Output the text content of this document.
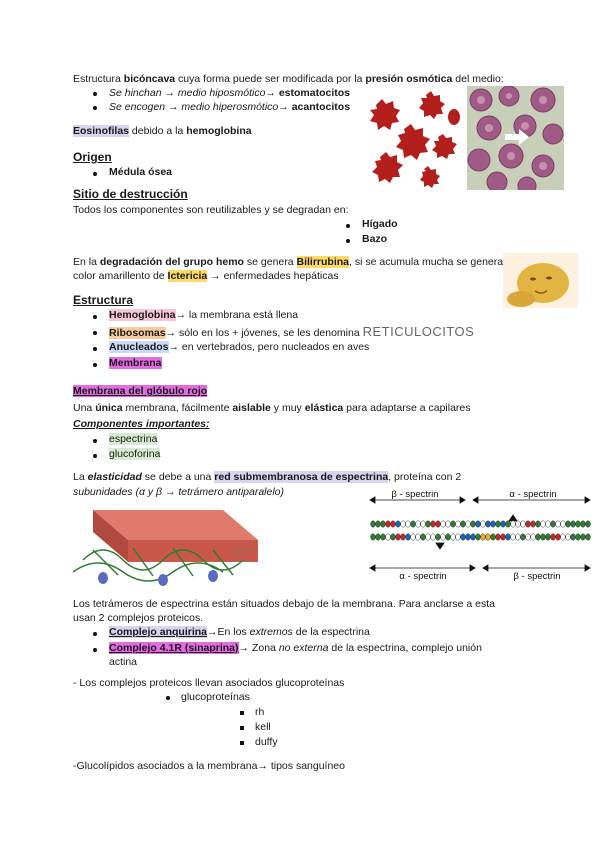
Estructura bicóncava cuya forma puede ser modificada por la presión osmótica del medio:
Se hinchan → medio hiposmótico→ estomatocitos
Se encogen → medio hiperosmótico→ acantocitos
Eosinofilas debido a la hemoglobina
Origen
Médula ósea
Sitio de destrucción
Todos los componentes son reutilizables y se degradan en:
Hígado
Bazo
En la degradación del grupo hemo se genera Bilirrubina, si se acumula mucha se genera
color amarillento de Ictericia → enfermedades hepáticas
Estructura
Hemoglobina→ la membrana está llena
Ribosomas→ sólo en los + jóvenes, se les denomina RETICULOCITOS
Anucleados→ en vertebrados, pero nucleados en aves
Membrana
Membrana del glóbulo rojo
Una única membrana, fácilmente aislable y muy elástica para adaptarse a capilares
Componentes importantes:
espectrina
glucoforina
La elasticidad se debe a una red submembranosa de espectrina, proteína con 2
subunidades (α y β → tetrámero antiparalelo)
Erythrocyte
Plasma
Membrane
β - spectrin	α - spectrin
α - spectrin	β - spectrin
Los tetrámeros de espectrina están situados debajo de la membrana. Para anclarse a esta
usan 2 complejos proteicos.
Complejo anquirina→En los extremos de la espectrina
Complejo 4.1R (sinaprina)→ Zona no externa de la espectrina, complejo unión
actina
- Los complejos proteicos llevan asociados glucoproteínas
glucoproteínas
rh
kell
duffy
-Glucolípidos asociados a la membrana→ tipos sanguíneo
